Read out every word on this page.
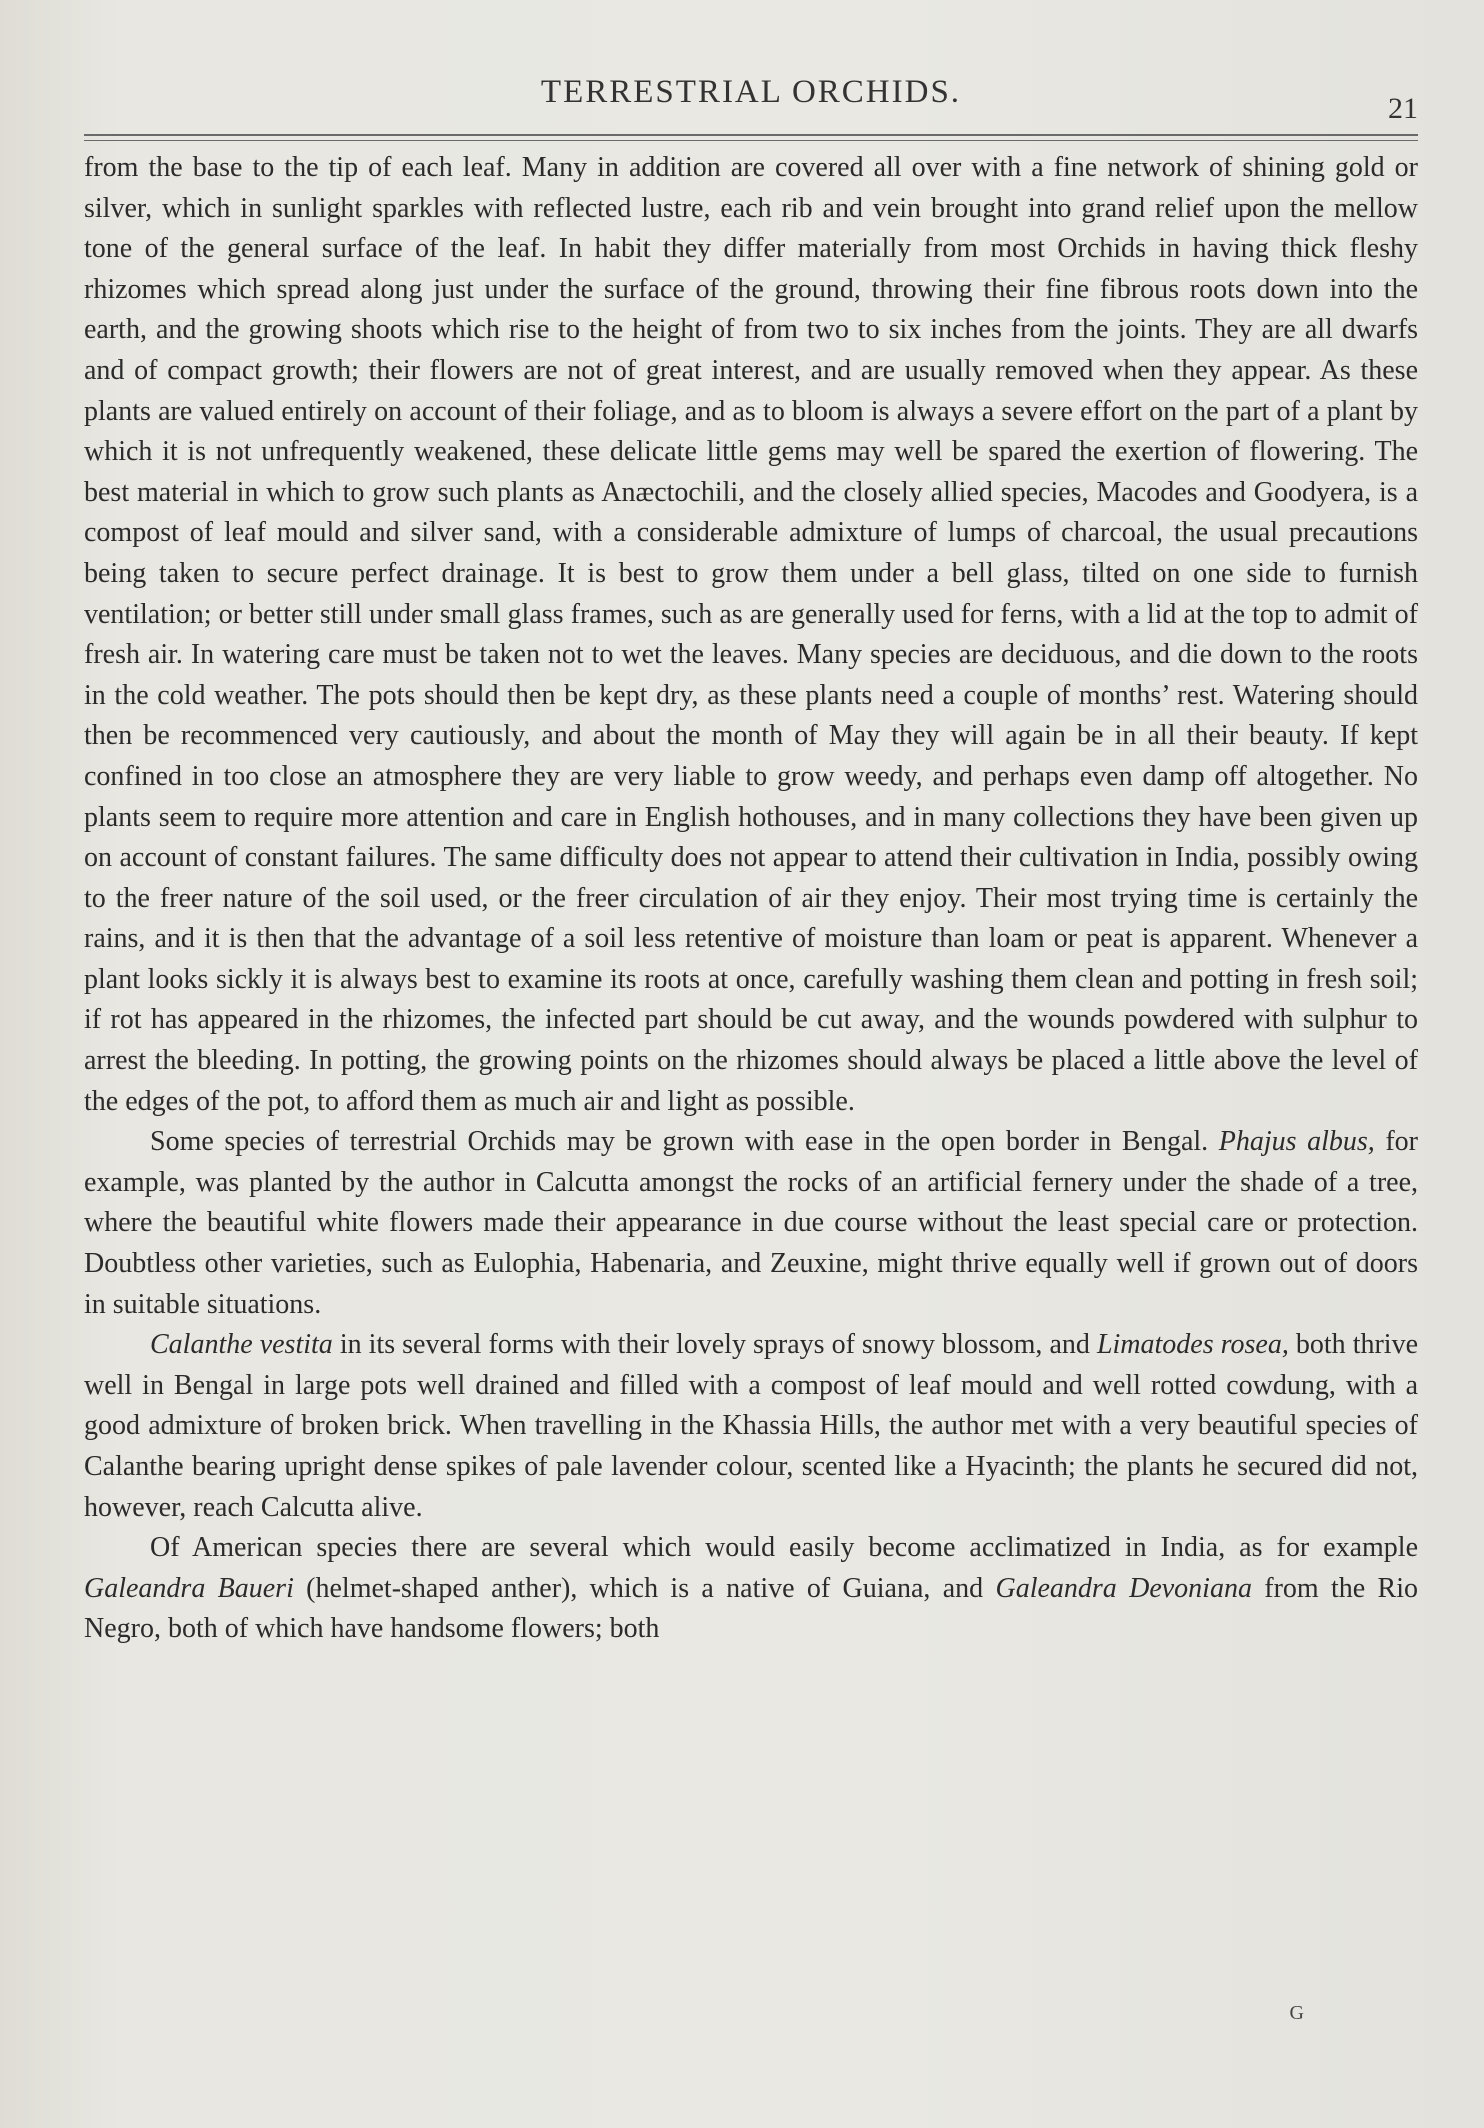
TERRESTRIAL ORCHIDS.	21

from the base to the tip of each leaf. Many in addition are covered all over with a fine network of shining gold or silver, which in sunlight sparkles with reflected lustre, each rib and vein brought into grand relief upon the mellow tone of the general surface of the leaf. In habit they differ materially from most Orchids in having thick fleshy rhizomes which spread along just under the surface of the ground, throwing their fine fibrous roots down into the earth, and the growing shoots which rise to the height of from two to six inches from the joints. They are all dwarfs and of compact growth; their flowers are not of great interest, and are usually removed when they appear. As these plants are valued entirely on account of their foliage, and as to bloom is always a severe effort on the part of a plant by which it is not unfrequently weakened, these delicate little gems may well be spared the exertion of flowering. The best material in which to grow such plants as Anæctochili, and the closely allied species, Macodes and Goodyera, is a compost of leaf mould and silver sand, with a considerable admixture of lumps of charcoal, the usual precautions being taken to secure perfect drainage. It is best to grow them under a bell glass, tilted on one side to furnish ventilation; or better still under small glass frames, such as are generally used for ferns, with a lid at the top to admit of fresh air. In watering care must be taken not to wet the leaves. Many species are deciduous, and die down to the roots in the cold weather. The pots should then be kept dry, as these plants need a couple of months’ rest. Watering should then be recommenced very cautiously, and about the month of May they will again be in all their beauty. If kept confined in too close an atmosphere they are very liable to grow weedy, and perhaps even damp off altogether. No plants seem to require more attention and care in English hothouses, and in many collections they have been given up on account of constant failures. The same difficulty does not appear to attend their cultivation in India, possibly owing to the freer nature of the soil used, or the freer circulation of air they enjoy. Their most trying time is certainly the rains, and it is then that the advantage of a soil less retentive of moisture than loam or peat is apparent. Whenever a plant looks sickly it is always best to examine its roots at once, carefully washing them clean and potting in fresh soil; if rot has appeared in the rhizomes, the infected part should be cut away, and the wounds powdered with sulphur to arrest the bleeding. In potting, the growing points on the rhizomes should always be placed a little above the level of the edges of the pot, to afford them as much air and light as possible.

Some species of terrestrial Orchids may be grown with ease in the open border in Bengal. Phajus albus, for example, was planted by the author in Calcutta amongst the rocks of an artificial fernery under the shade of a tree, where the beautiful white flowers made their appearance in due course without the least special care or protection. Doubtless other varieties, such as Eulophia, Habenaria, and Zeuxine, might thrive equally well if grown out of doors in suitable situations.

Calanthe vestita in its several forms with their lovely sprays of snowy blossom, and Limatodes rosea, both thrive well in Bengal in large pots well drained and filled with a compost of leaf mould and well rotted cowdung, with a good admixture of broken brick. When travelling in the Khassia Hills, the author met with a very beautiful species of Calanthe bearing upright dense spikes of pale lavender colour, scented like a Hyacinth; the plants he secured did not, however, reach Calcutta alive.

Of American species there are several which would easily become acclimatized in India, as for example Galeandra Baueri (helmet-shaped anther), which is a native of Guiana, and Galeandra Devoniana from the Rio Negro, both of which have handsome flowers; both

G
